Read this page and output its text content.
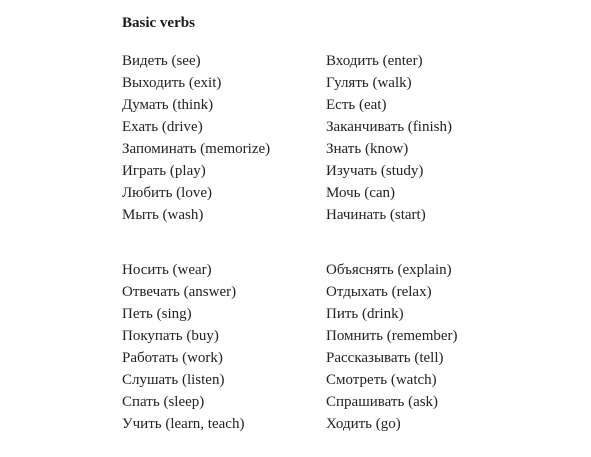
Basic verbs
Видеть (see)
Выходить (exit)
Думать (think)
Ехать (drive)
Запоминать (memorize)
Играть (play)
Любить (love)
Мыть (wash)
Входить (enter)
Гулять (walk)
Есть (eat)
Заканчивать (finish)
Знать (know)
Изучать (study)
Мочь (can)
Начинать (start)
Носить (wear)
Отвечать (answer)
Петь (sing)
Покупать (buy)
Работать (work)
Слушать (listen)
Спать (sleep)
Учить (learn, teach)
Объяснять (explain)
Отдыхать (relax)
Пить (drink)
Помнить (remember)
Рассказывать (tell)
Смотреть (watch)
Спрашивать (ask)
Ходить (go)
